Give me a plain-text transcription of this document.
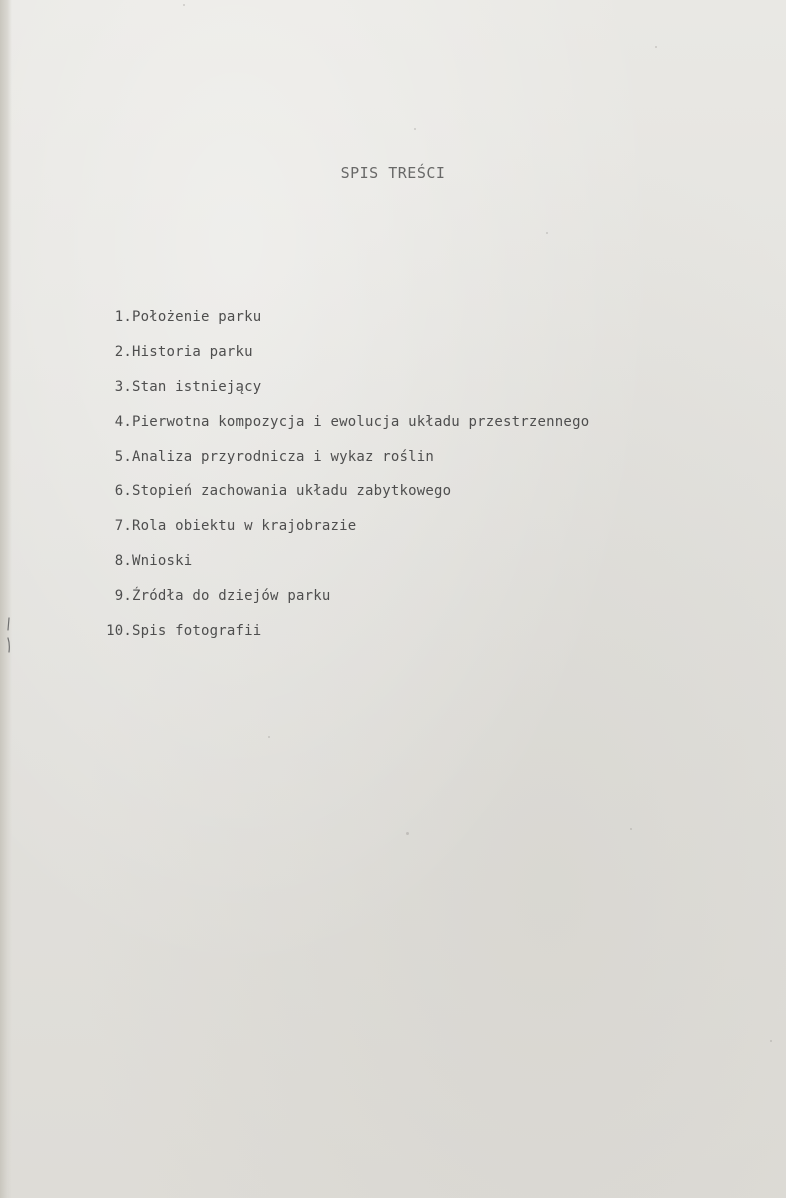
SPIS TREŚCI
1. Położenie parku
2. Historia parku
3. Stan istniejący
4. Pierwotna kompozycja i ewolucja układu przestrzennego
5. Analiza przyrodnicza i wykaz roślin
6. Stopień zachowania układu zabytkowego
7. Rola obiektu w krajobrazie
8. Wnioski
9. Źródła do dziejów parku
10. Spis fotografii
